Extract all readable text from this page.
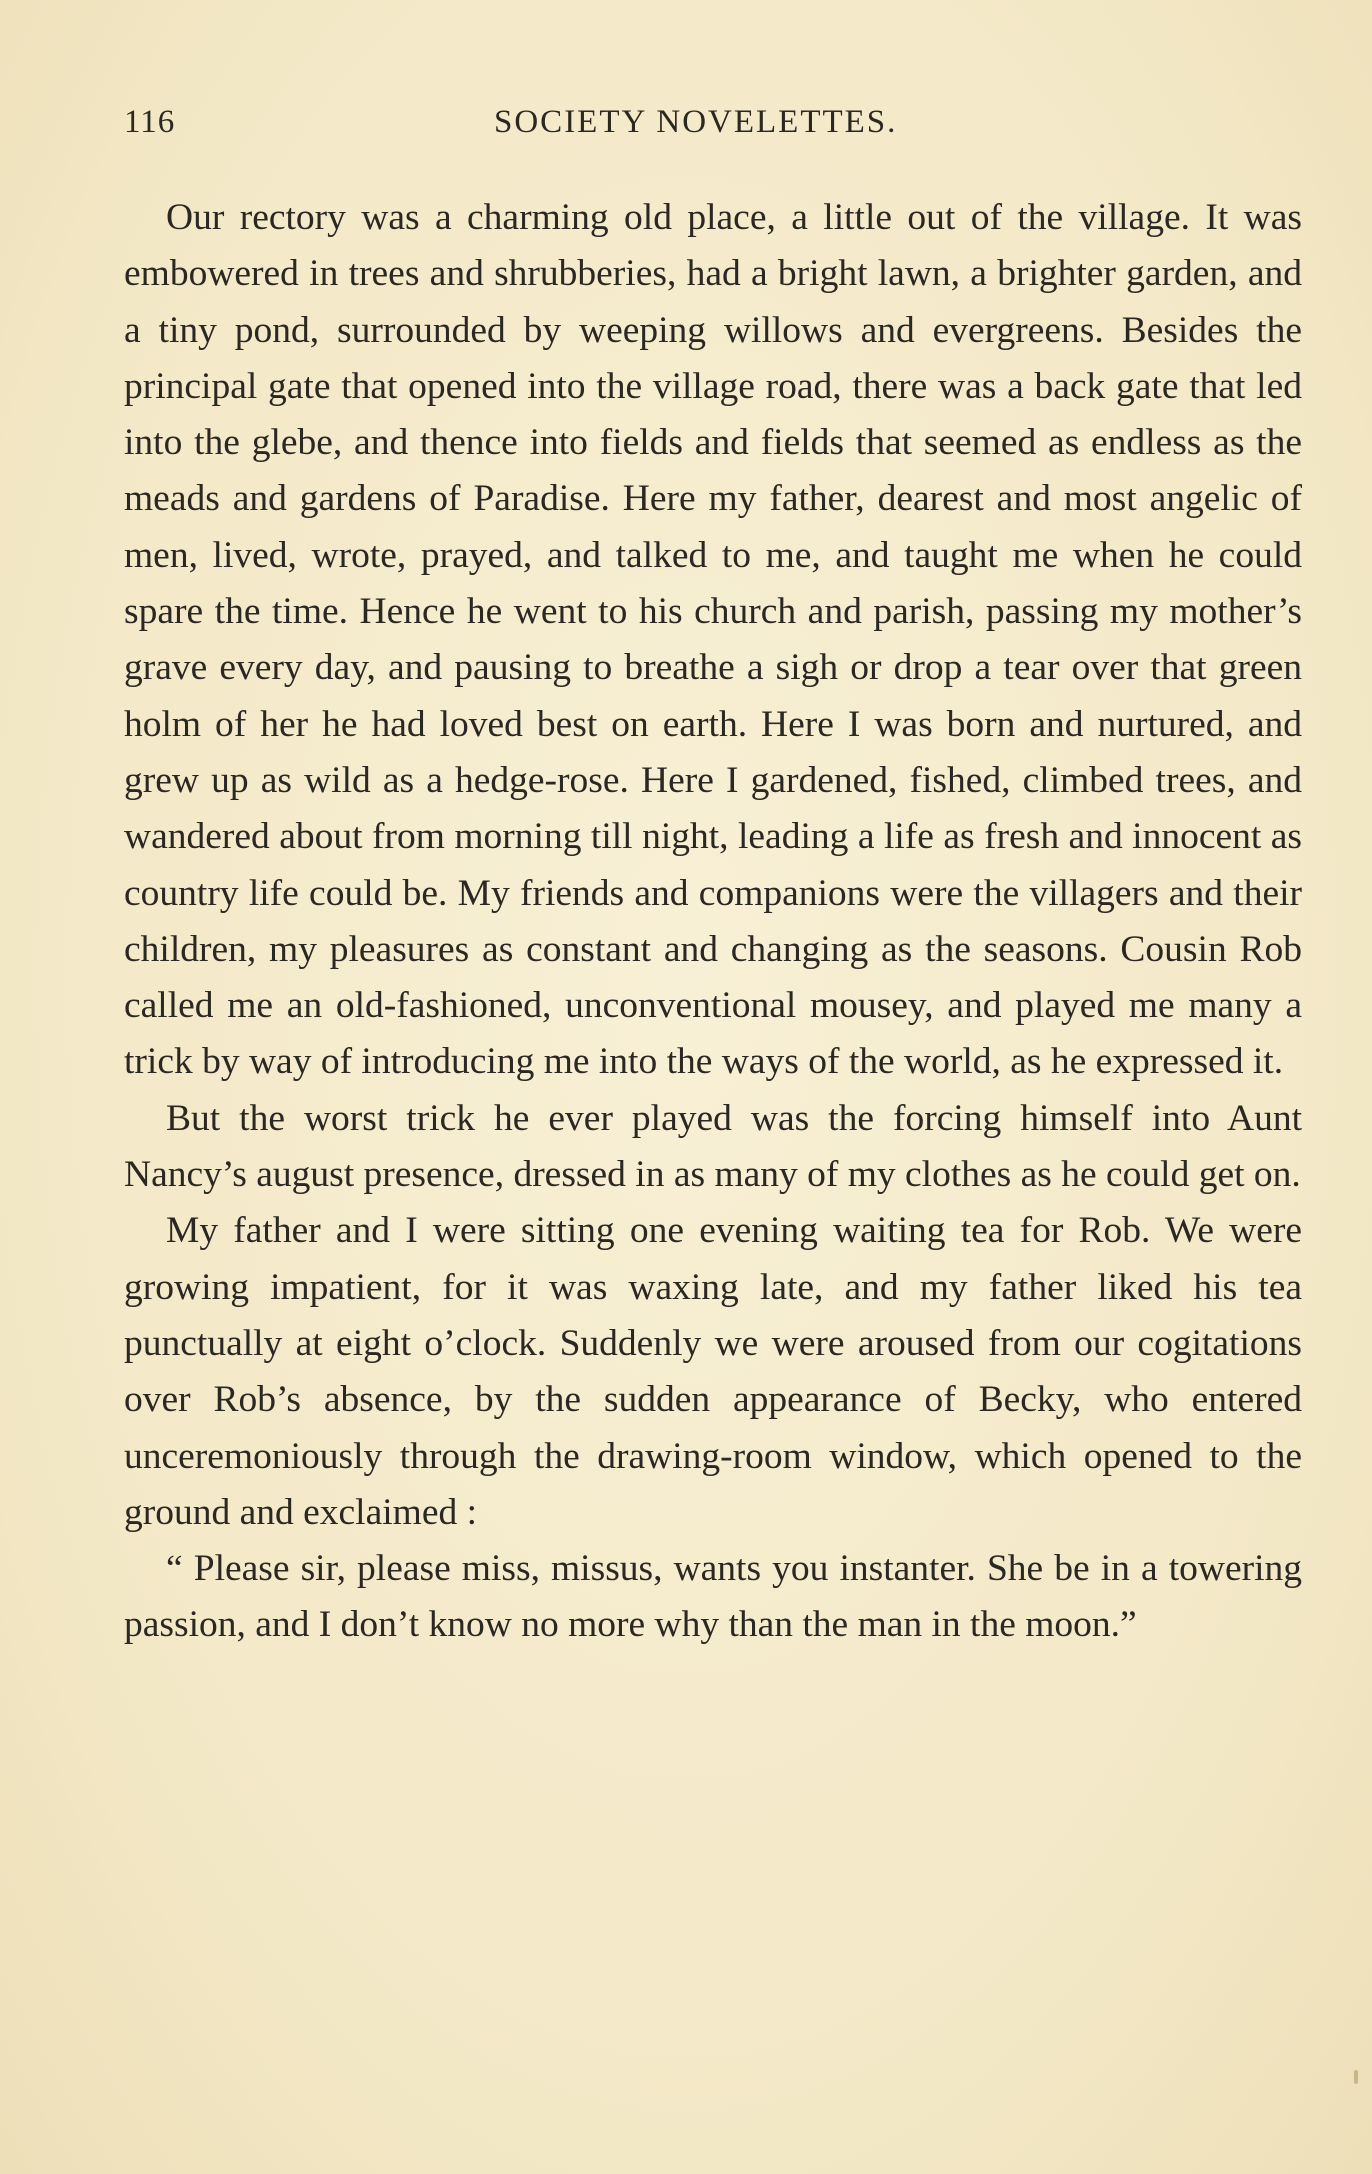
116	SOCIETY NOVELETTES.

Our rectory was a charming old place, a little out of the village. It was embowered in trees and shrubberies, had a bright lawn, a brighter garden, and a tiny pond, surrounded by weeping willows and evergreens. Besides the principal gate that opened into the village road, there was a back gate that led into the glebe, and thence into fields and fields that seemed as endless as the meads and gardens of Paradise. Here my father, dearest and most angelic of men, lived, wrote, prayed, and talked to me, and taught me when he could spare the time. Hence he went to his church and parish, passing my mother’s grave every day, and pausing to breathe a sigh or drop a tear over that green holm of her he had loved best on earth. Here I was born and nurtured, and grew up as wild as a hedge-rose. Here I gardened, fished, climbed trees, and wandered about from morning till night, leading a life as fresh and innocent as country life could be. My friends and companions were the villagers and their children, my pleasures as constant and changing as the seasons. Cousin Rob called me an old-fashioned, unconventional mousey, and played me many a trick by way of introducing me into the ways of the world, as he expressed it.

But the worst trick he ever played was the forcing himself into Aunt Nancy’s august presence, dressed in as many of my clothes as he could get on.

My father and I were sitting one evening waiting tea for Rob. We were growing impatient, for it was waxing late, and my father liked his tea punctually at eight o’clock. Suddenly we were aroused from our cogitations over Rob’s absence, by the sudden appearance of Becky, who entered unceremoniously through the drawing-room window, which opened to the ground and exclaimed :

“ Please sir, please miss, missus, wants you instanter. She be in a towering passion, and I don’t know no more why than the man in the moon.”
